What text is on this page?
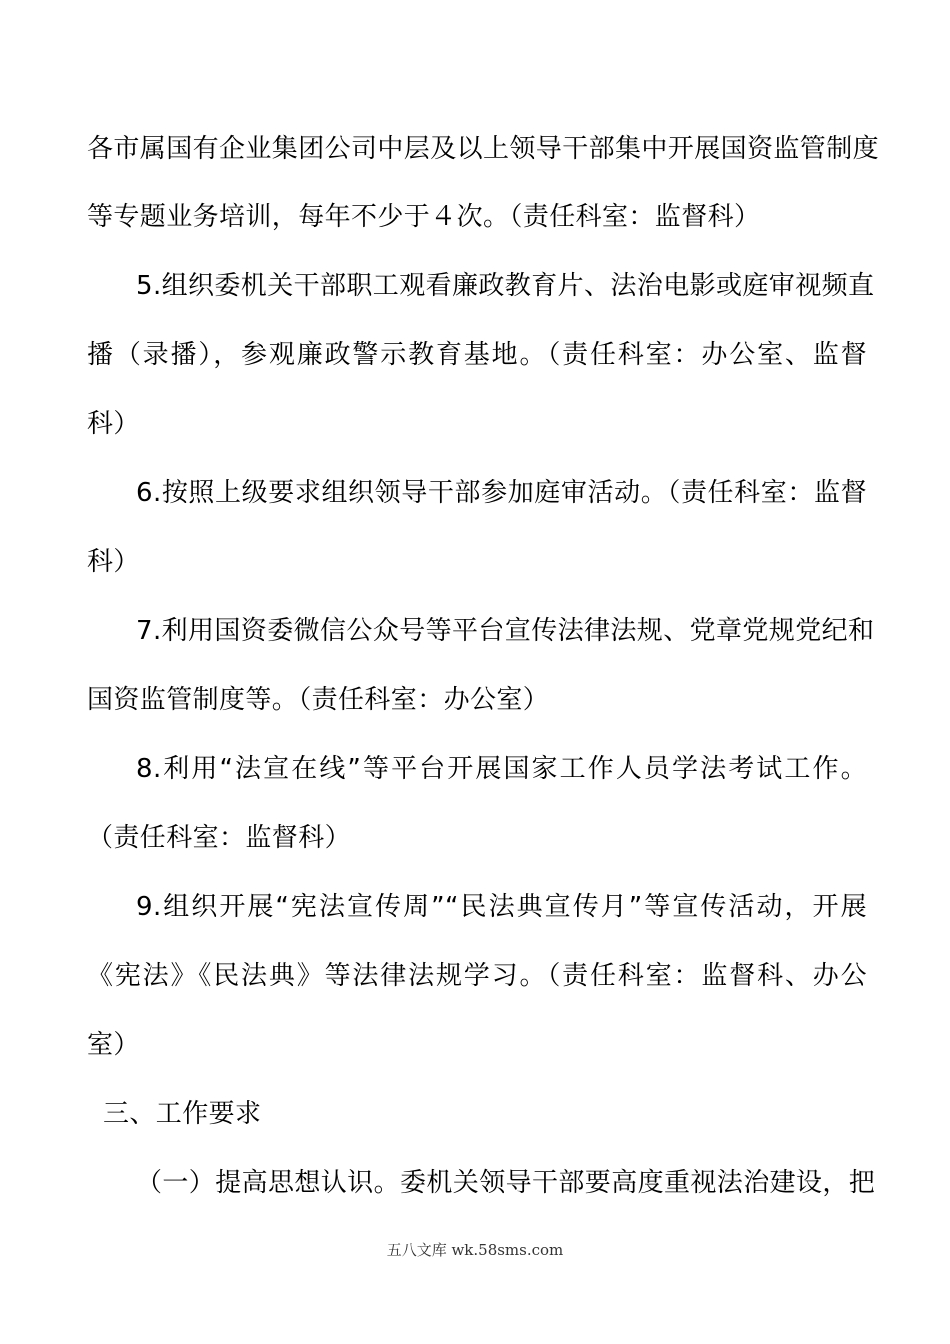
各市属国有企业集团公司中层及以上领导干部集中开展国资监管制度
等专题业务培训，每年不少于４次。（责任科室：监督科）
5.组织委机关干部职工观看廉政教育片、法治电影或庭审视频直
播（录播），参观廉政警示教育基地。（责任科室：办公室、监督
科）
6.按照上级要求组织领导干部参加庭审活动。（责任科室：监督
科）
7.利用国资委微信公众号等平台宣传法律法规、党章党规党纪和
国资监管制度等。（责任科室：办公室）
8.利用“法宣在线”等平台开展国家工作人员学法考试工作。
（责任科室：监督科）
9.组织开展“宪法宣传周”“民法典宣传月”等宣传活动，开展
《宪法》《民法典》等法律法规学习。（责任科室：监督科、办公
室）
三、工作要求
（一）提高思想认识。委机关领导干部要高度重视法治建设，把
五八文库 wk.58sms.com
